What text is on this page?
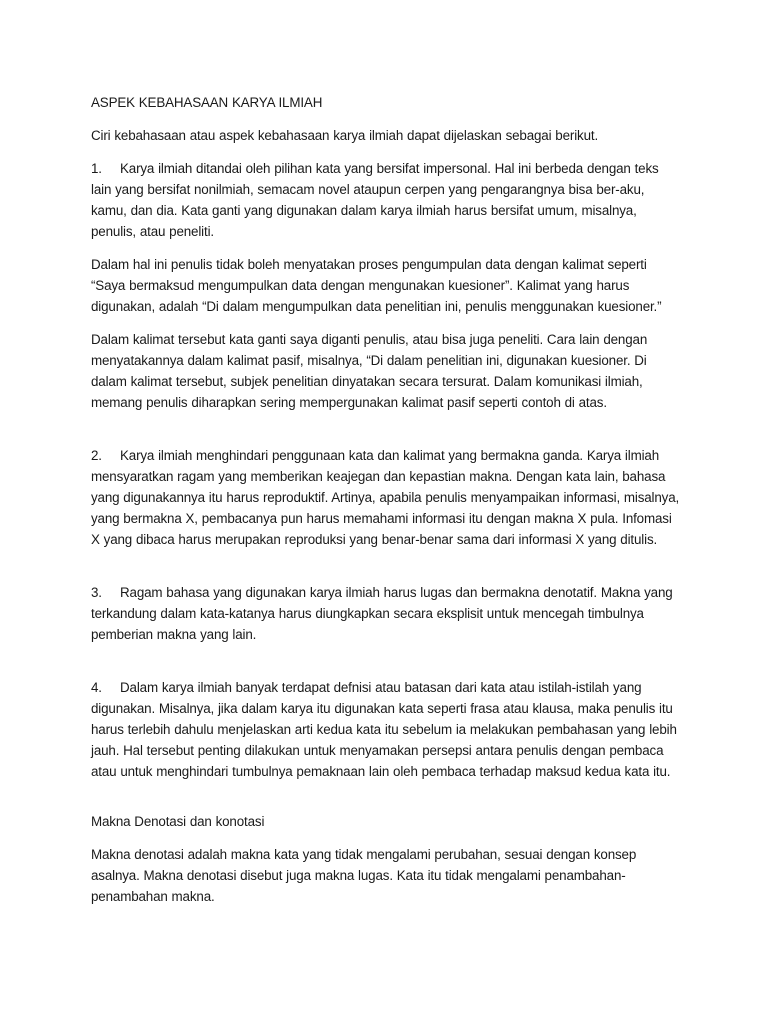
ASPEK KEBAHASAAN KARYA ILMIAH

Ciri kebahasaan atau aspek kebahasaan karya ilmiah dapat dijelaskan sebagai berikut.

1. Karya ilmiah ditandai oleh pilihan kata yang bersifat impersonal. Hal ini berbeda dengan teks lain yang bersifat nonilmiah, semacam novel ataupun cerpen yang pengarangnya bisa ber-aku, kamu, dan dia. Kata ganti yang digunakan dalam karya ilmiah harus bersifat umum, misalnya, penulis, atau peneliti.

Dalam hal ini penulis tidak boleh menyatakan proses pengumpulan data dengan kalimat seperti “Saya bermaksud mengumpulkan data dengan mengunakan kuesioner”. Kalimat yang harus digunakan, adalah “Di dalam mengumpulkan data penelitian ini, penulis menggunakan kuesioner.”

Dalam kalimat tersebut kata ganti saya diganti penulis, atau bisa juga peneliti. Cara lain dengan menyatakannya dalam kalimat pasif, misalnya, “Di dalam penelitian ini, digunakan kuesioner. Di dalam kalimat tersebut, subjek penelitian dinyatakan secara tersurat. Dalam komunikasi ilmiah, memang penulis diharapkan sering mempergunakan kalimat pasif seperti contoh di atas.

2. Karya ilmiah menghindari penggunaan kata dan kalimat yang bermakna ganda. Karya ilmiah mensyaratkan ragam yang memberikan keajegan dan kepastian makna. Dengan kata lain, bahasa yang digunakannya itu harus reproduktif. Artinya, apabila penulis menyampaikan informasi, misalnya, yang bermakna X, pembacanya pun harus memahami informasi itu dengan makna X pula. Infomasi X yang dibaca harus merupakan reproduksi yang benar-benar sama dari informasi X yang ditulis.

3. Ragam bahasa yang digunakan karya ilmiah harus lugas dan bermakna denotatif. Makna yang terkandung dalam kata-katanya harus diungkapkan secara eksplisit untuk mencegah timbulnya pemberian makna yang lain.

4. Dalam karya ilmiah banyak terdapat defnisi atau batasan dari kata atau istilah-istilah yang digunakan. Misalnya, jika dalam karya itu digunakan kata seperti frasa atau klausa, maka penulis itu harus terlebih dahulu menjelaskan arti kedua kata itu sebelum ia melakukan pembahasan yang lebih jauh. Hal tersebut penting dilakukan untuk menyamakan persepsi antara penulis dengan pembaca atau untuk menghindari tumbulnya pemaknaan lain oleh pembaca terhadap maksud kedua kata itu.

Makna Denotasi dan konotasi

Makna denotasi adalah makna kata yang tidak mengalami perubahan, sesuai dengan konsep asalnya. Makna denotasi disebut juga makna lugas. Kata itu tidak mengalami penambahan-penambahan makna.
